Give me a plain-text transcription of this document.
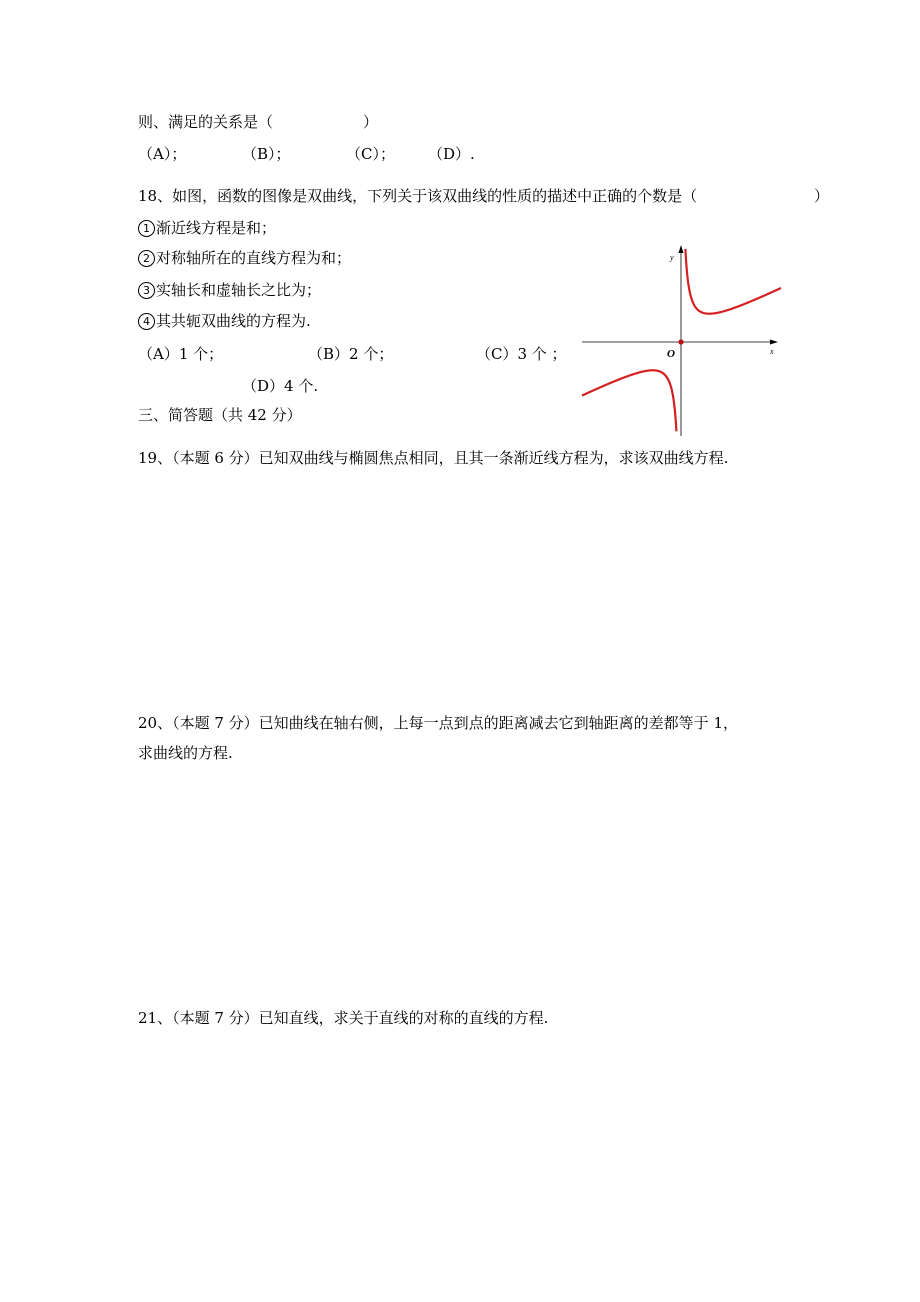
则、满足的关系是（　　　　　　）
（A）；	（B）；	（C）； （D）.
18、如图，函数的图像是双曲线，下列关于该双曲线的性质的描述中正确的个数是（	）
1 渐近线方程是和；
2 对称轴所在的直线方程为和；
3 实轴长和虚轴长之比为；
4 其共轭双曲线的方程为.
（A）1 个；	（B）2 个；	（C）3 个 ；
（D）4 个.
x
y
O
三、简答题（共 42 分）
19、（本题 6 分）已知双曲线与椭圆焦点相同，且其一条渐近线方程为，求该双曲线方程.
20、（本题 7 分）已知曲线在轴右侧，上每一点到点的距离减去它到轴距离的差都等于 1，
求曲线的方程.
21、（本题 7 分）已知直线，求关于直线的对称的直线的方程.
